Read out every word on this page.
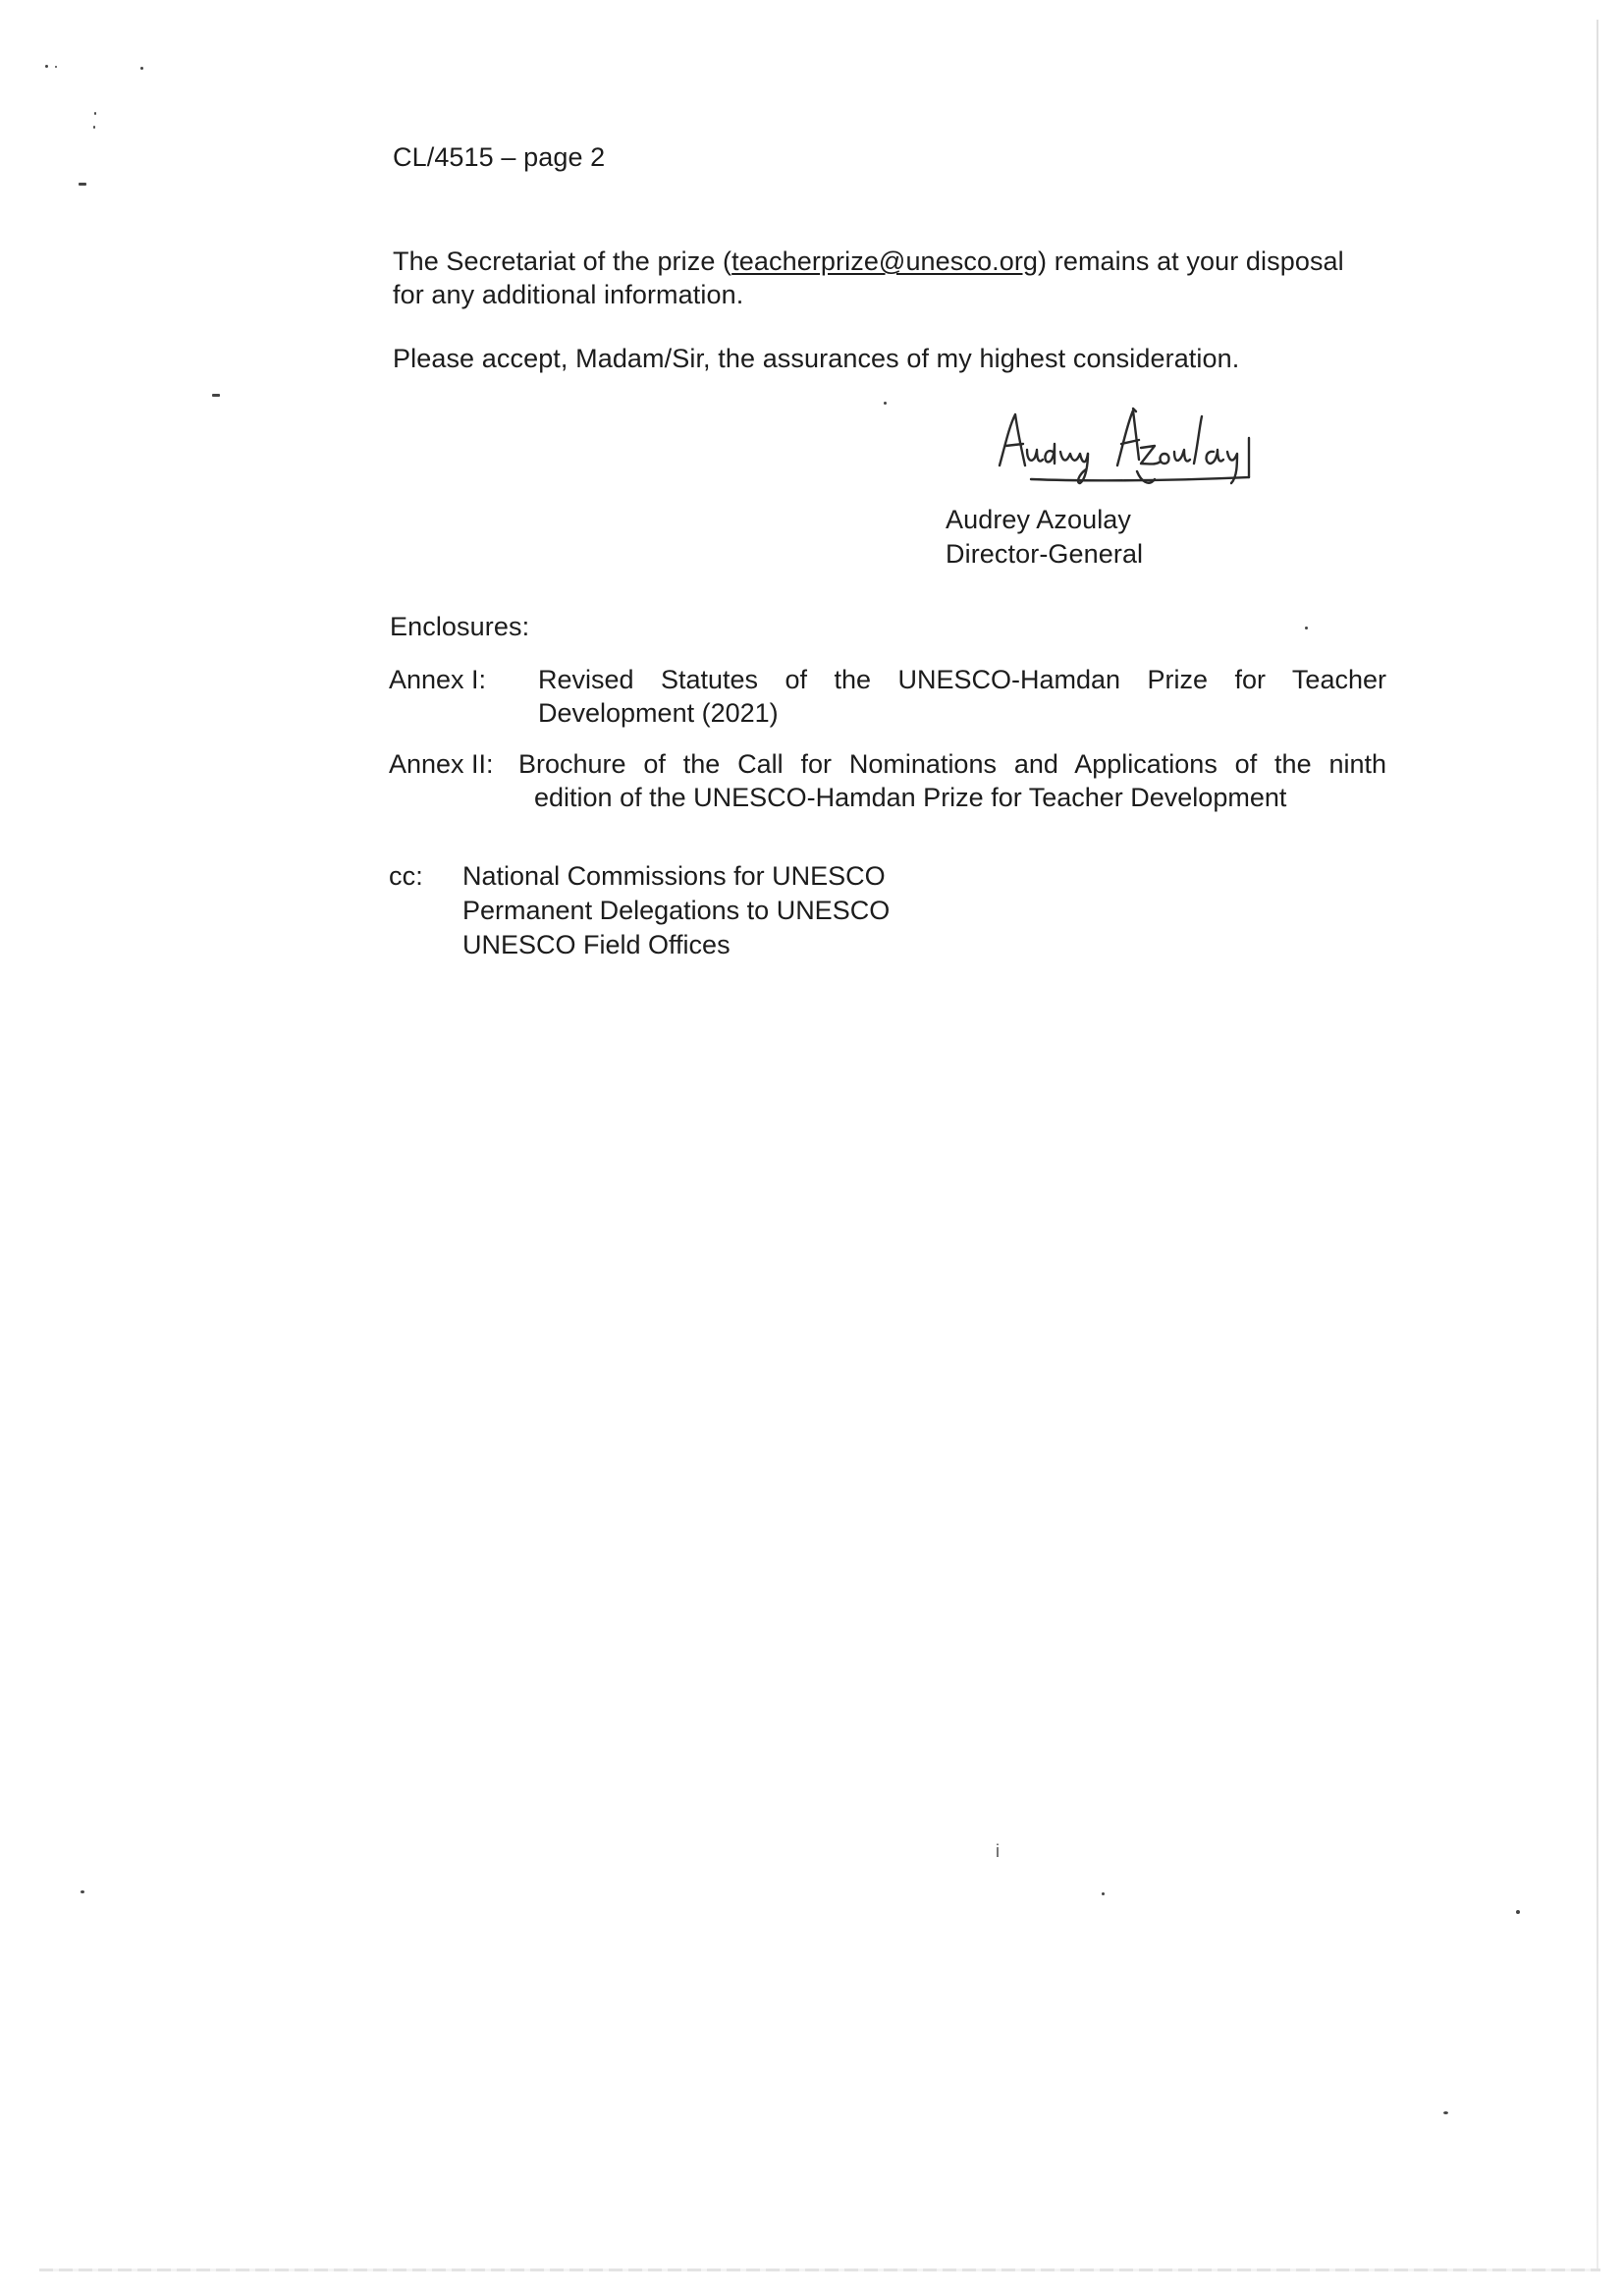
CL/4515 – page 2
The Secretariat of the prize (teacherprize@unesco.org) remains at your disposal
for any additional information.
Please accept, Madam/Sir, the assurances of my highest consideration.
Audrey Azoulay
Director-General
Enclosures:
Annex I: Revised Statutes of the UNESCO-Hamdan Prize for Teacher
Development (2021)
Annex II: Brochure of the Call for Nominations and Applications of the ninth
edition of the UNESCO-Hamdan Prize for Teacher Development
cc: National Commissions for UNESCO
Permanent Delegations to UNESCO
UNESCO Field Offices
i
